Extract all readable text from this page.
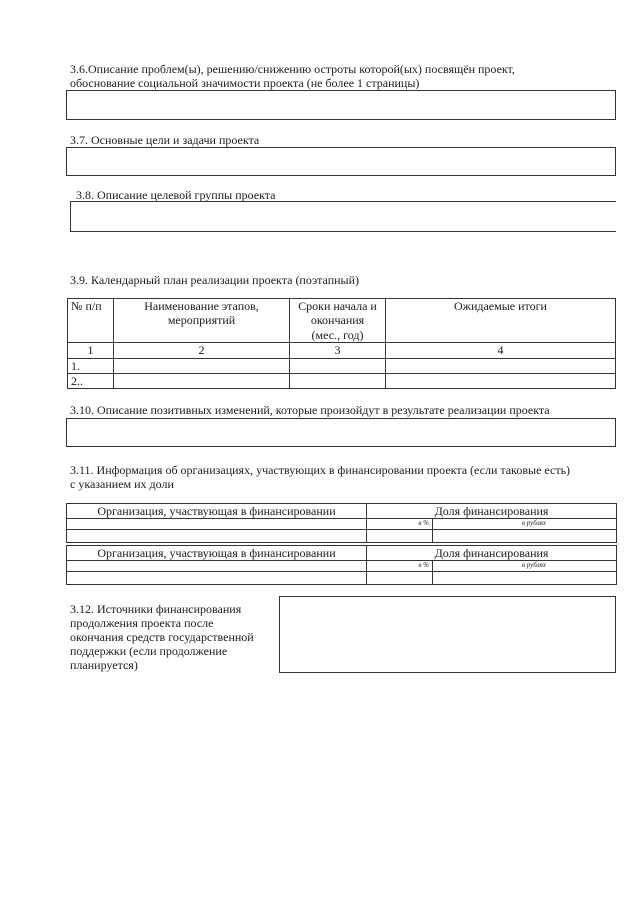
3.6.Описание проблем(ы), решению/снижению остроты которой(ых) посвящён проект,
обоснование социальной значимости проекта (не более 1 страницы)
3.7. Основные цели и задачи проекта
3.8. Описание целевой группы проекта
3.9. Календарный план реализации проекта (поэтапный)
№ п/п	Наименование этапов, мероприятий	Сроки начала и окончания (мес., год)	Ожидаемые итоги
1	2	3	4
1.			
2..			
3.10. Описание позитивных изменений, которые произойдут в результате реализации проекта
3.11. Информация об организациях, участвующих в финансировании проекта (если таковые есть)
с указанием их доли
Организация, участвующая в финансировании	Доля финансирования	
	в %	в рублях

Организация, участвующая в финансировании	Доля финансирования	
	в %	в рублях

3.12. Источники финансирования
продолжения проекта после
окончания средств государственной
поддержки (если продолжение
планируется)
